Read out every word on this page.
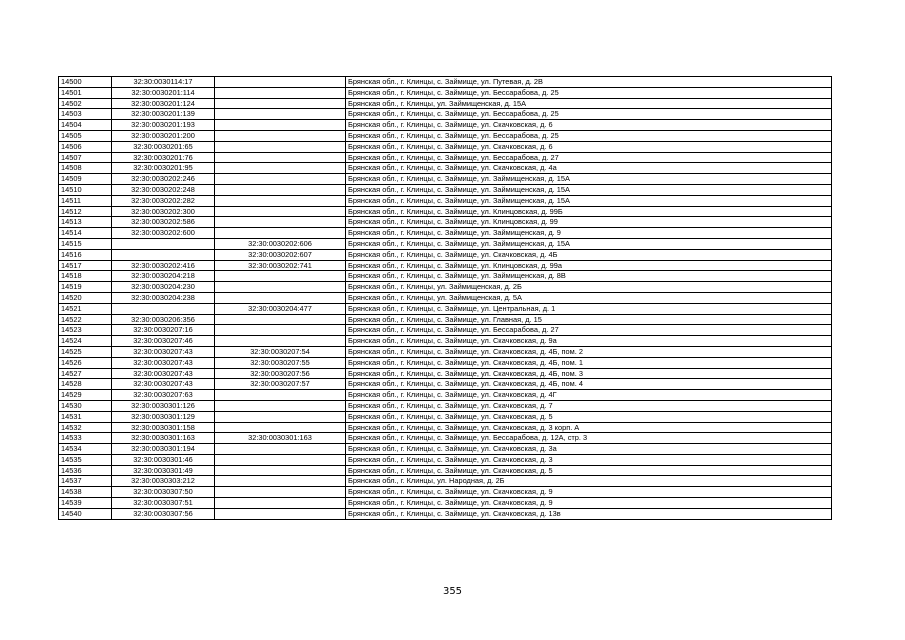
14500	32:30:0030114:17		Брянская обл., г. Клинцы, с. Займище, ул. Путевая, д. 2В
14501	32:30:0030201:114		Брянская обл., г. Клинцы, с. Займище, ул. Бессарабова, д. 25
14502	32:30:0030201:124		Брянская обл., г. Клинцы, ул. Займищенская, д. 15А
14503	32:30:0030201:139		Брянская обл., г. Клинцы, с. Займище, ул. Бессарабова, д. 25
14504	32:30:0030201:193		Брянская обл., г. Клинцы, с. Займище, ул. Скачковская, д. 6
14505	32:30:0030201:200		Брянская обл., г. Клинцы, с. Займище, ул. Бессарабова, д. 25
14506	32:30:0030201:65		Брянская обл., г. Клинцы, с. Займище, ул. Скачковская, д. 6
14507	32:30:0030201:76		Брянская обл., г. Клинцы, с. Займище, ул. Бессарабова, д. 27
14508	32:30:0030201:95		Брянская обл., г. Клинцы, с. Займище, ул. Скачковская, д. 4а
14509	32:30:0030202:246		Брянская обл., г. Клинцы, с. Займище, ул. Займищенская, д. 15А
14510	32:30:0030202:248		Брянская обл., г. Клинцы, с. Займище, ул. Займищенская, д. 15А
14511	32:30:0030202:282		Брянская обл., г. Клинцы, с. Займище, ул. Займищенская, д. 15А
14512	32:30:0030202:300		Брянская обл., г. Клинцы, с. Займище, ул. Клинцовская, д. 99Б
14513	32:30:0030202:586		Брянская обл., г. Клинцы, с. Займище, ул. Клинцовская, д. 99
14514	32:30:0030202:600		Брянская обл., г. Клинцы, с. Займище, ул. Займищенская, д. 9
14515		32:30:0030202:606	Брянская обл., г. Клинцы, с. Займище, ул. Займищенская, д. 15А
14516		32:30:0030202:607	Брянская обл., г. Клинцы, с. Займище, ул. Скачковская, д. 4Б
14517	32:30:0030202:416	32:30:0030202:741	Брянская обл., г. Клинцы, с. Займище, ул. Клинцовская, д. 99а
14518	32:30:0030204:218		Брянская обл., г. Клинцы, с. Займище, ул. Займищенская, д. 8В
14519	32:30:0030204:230		Брянская обл., г. Клинцы, ул. Займищенская, д. 2Б
14520	32:30:0030204:238		Брянская обл., г. Клинцы, ул. Займищенская, д. 5А
14521		32:30:0030204:477	Брянская обл., г. Клинцы, с. Займище, ул. Центральная, д. 1
14522	32:30:0030206:356		Брянская обл., г. Клинцы, с. Займище, ул. Главная, д. 15
14523	32:30:0030207:16		Брянская обл., г. Клинцы, с. Займище, ул. Бессарабова, д. 27
14524	32:30:0030207:46		Брянская обл., г. Клинцы, с. Займище, ул. Скачковская, д. 9а
14525	32:30:0030207:43	32:30:0030207:54	Брянская обл., г. Клинцы, с. Займище, ул. Скачковская, д. 4Б, пом. 2
14526	32:30:0030207:43	32:30:0030207:55	Брянская обл., г. Клинцы, с. Займище, ул. Скачковская, д. 4Б, пом. 1
14527	32:30:0030207:43	32:30:0030207:56	Брянская обл., г. Клинцы, с. Займище, ул. Скачковская, д. 4Б, пом. 3
14528	32:30:0030207:43	32:30:0030207:57	Брянская обл., г. Клинцы, с. Займище, ул. Скачковская, д. 4Б, пом. 4
14529	32:30:0030207:63		Брянская обл., г. Клинцы, с. Займище, ул. Скачковская, д. 4Г
14530	32:30:0030301:126		Брянская обл., г. Клинцы, с. Займище, ул. Скачковская, д. 7
14531	32:30:0030301:129		Брянская обл., г. Клинцы, с. Займище, ул. Скачковская, д. 5
14532	32:30:0030301:158		Брянская обл., г. Клинцы, с. Займище, ул. Скачковская, д. 3 корп. А
14533	32:30:0030301:163	32:30:0030301:163	Брянская обл., г. Клинцы, с. Займище, ул. Бессарабова, д. 12А, стр. 3
14534	32:30:0030301:194		Брянская обл., г. Клинцы, с. Займище, ул. Скачковская, д. 3а
14535	32:30:0030301:46		Брянская обл., г. Клинцы, с. Займище, ул. Скачковская, д. 3
14536	32:30:0030301:49		Брянская обл., г. Клинцы, с. Займище, ул. Скачковская, д. 5
14537	32:30:0030303:212		Брянская обл., г. Клинцы, ул. Народная, д. 2Б
14538	32:30:0030307:50		Брянская обл., г. Клинцы, с. Займище, ул. Скачковская, д. 9
14539	32:30:0030307:51		Брянская обл., г. Клинцы, с. Займище, ул. Скачковская, д. 9
14540	32:30:0030307:56		Брянская обл., г. Клинцы, с. Займище, ул. Скачковская, д. 13в
355
